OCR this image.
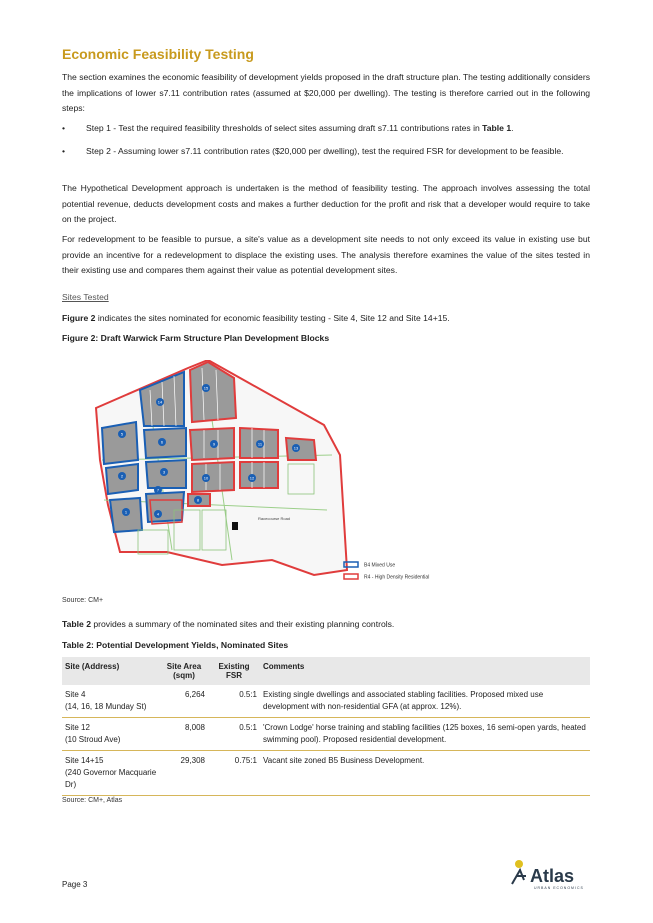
Economic Feasibility Testing
The section examines the economic feasibility of development yields proposed in the draft structure plan. The testing additionally considers the implications of lower s7.11 contribution rates (assumed at $20,000 per dwelling). The testing is therefore carried out in the following steps:
• Step 1 - Test the required feasibility thresholds of select sites assuming draft s7.11 contributions rates in Table 1.
• Step 2 - Assuming lower s7.11 contribution rates ($20,000 per dwelling), test the required FSR for development to be feasible.
The Hypothetical Development approach is undertaken is the method of feasibility testing. The approach involves assessing the total potential revenue, deducts development costs and makes a further deduction for the profit and risk that a developer would require to take on the project.
For redevelopment to be feasible to pursue, a site's value as a development site needs to not only exceed its value in existing use but provide an incentive for a redevelopment to displace the existing uses. The analysis therefore examines the value of the sites tested in their existing use and compares them against their value as potential development sites.
Sites Tested
Figure 2 indicates the sites nominated for economic feasibility testing - Site 4, Site 12 and Site 14+15.
Figure 2: Draft Warwick Farm Structure Plan Development Blocks
Racecourse Road
14
15
6
5
2
1
3
9
10
11
12
13
4
8
7
B4 Mixed Use
R4 - High Density Residential
Source: CM+
Table 2 provides a summary of the nominated sites and their existing planning controls.
Table 2: Potential Development Yields, Nominated Sites
Site (Address)	Site Area (sqm)	Existing FSR	Comments

Site 4
(14, 16, 18 Munday St)	6,264	0.5:1	Existing single dwellings and associated stabling facilities. Proposed mixed use development with non-residential GFA (at approx. 12%).

Site 12
(10 Stroud Ave)	8,008	0.5:1	'Crown Lodge' horse training and stabling facilities (125 boxes, 16 semi-open yards, heated swimming pool). Proposed residential development.

Site 14+15
(240 Governor Macquarie Dr)	29,308	0.75:1	Vacant site zoned B5 Business Development.
Source: CM+, Atlas
Page 3	Atlas
URBAN ECONOMICS
